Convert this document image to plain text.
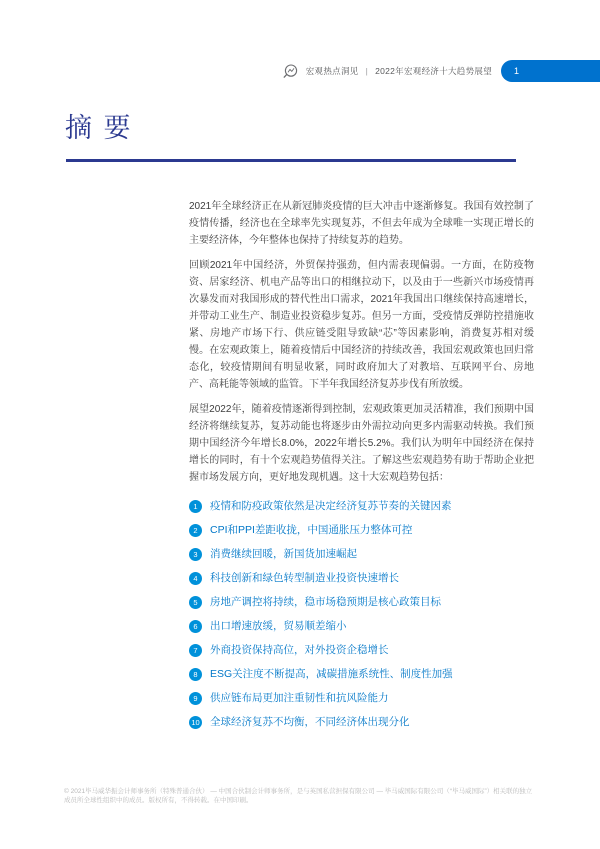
宏观热点洞见 | 2022年宏观经济十大趋势展望 1
摘 要

2021年全球经济正在从新冠肺炎疫情的巨大冲击中逐渐修复。我国有效控制了疫情传播，经济也在全球率先实现复苏，不但去年成为全球唯一实现正增长的主要经济体，今年整体也保持了持续复苏的趋势。

回顾2021年中国经济，外贸保持强劲，但内需表现偏弱。一方面，在防疫物资、居家经济、机电产品等出口的相继拉动下，以及由于一些新兴市场疫情再次暴发而对我国形成的替代性出口需求，2021年我国出口继续保持高速增长，并带动工业生产、制造业投资稳步复苏。但另一方面，受疫情反弹防控措施收紧、房地产市场下行、供应链受阻导致缺“芯”等因素影响，消费复苏相对缓慢。在宏观政策上，随着疫情后中国经济的持续改善，我国宏观政策也回归常态化，较疫情期间有明显收紧，同时政府加大了对教培、互联网平台、房地产、高耗能等领域的监管。下半年我国经济复苏步伐有所放缓。

展望2022年，随着疫情逐渐得到控制，宏观政策更加灵活精准，我们预期中国经济将继续复苏，复苏动能也将逐步由外需拉动向更多内需驱动转换。我们预期中国经济今年增长8.0%，2022年增长5.2%。我们认为明年中国经济在保持增长的同时，有十个宏观趋势值得关注。了解这些宏观趋势有助于帮助企业把握市场发展方向，更好地发现机遇。这十大宏观趋势包括：

1	疫情和防疫政策依然是决定经济复苏节奏的关键因素
2	CPI和PPI差距收拢，中国通胀压力整体可控
3	消费继续回暖，新国货加速崛起
4	科技创新和绿色转型制造业投资快速增长
5	房地产调控将持续，稳市场稳预期是核心政策目标
6	出口增速放缓，贸易顺差缩小
7	外商投资保持高位，对外投资企稳增长
8	ESG关注度不断提高，减碳措施系统性、制度性加强
9	供应链布局更加注重韧性和抗风险能力
10 全球经济复苏不均衡，不同经济体出现分化
© 2021毕马威华振会计师事务所（特殊普通合伙） — 中国合伙制会计师事务所，是与英国私营担保有限公司 — 毕马威国际有限公司（“毕马威国际”）相关联的独立
成员所全球性组织中的成员。版权所有，不得转载。在中国印刷。
